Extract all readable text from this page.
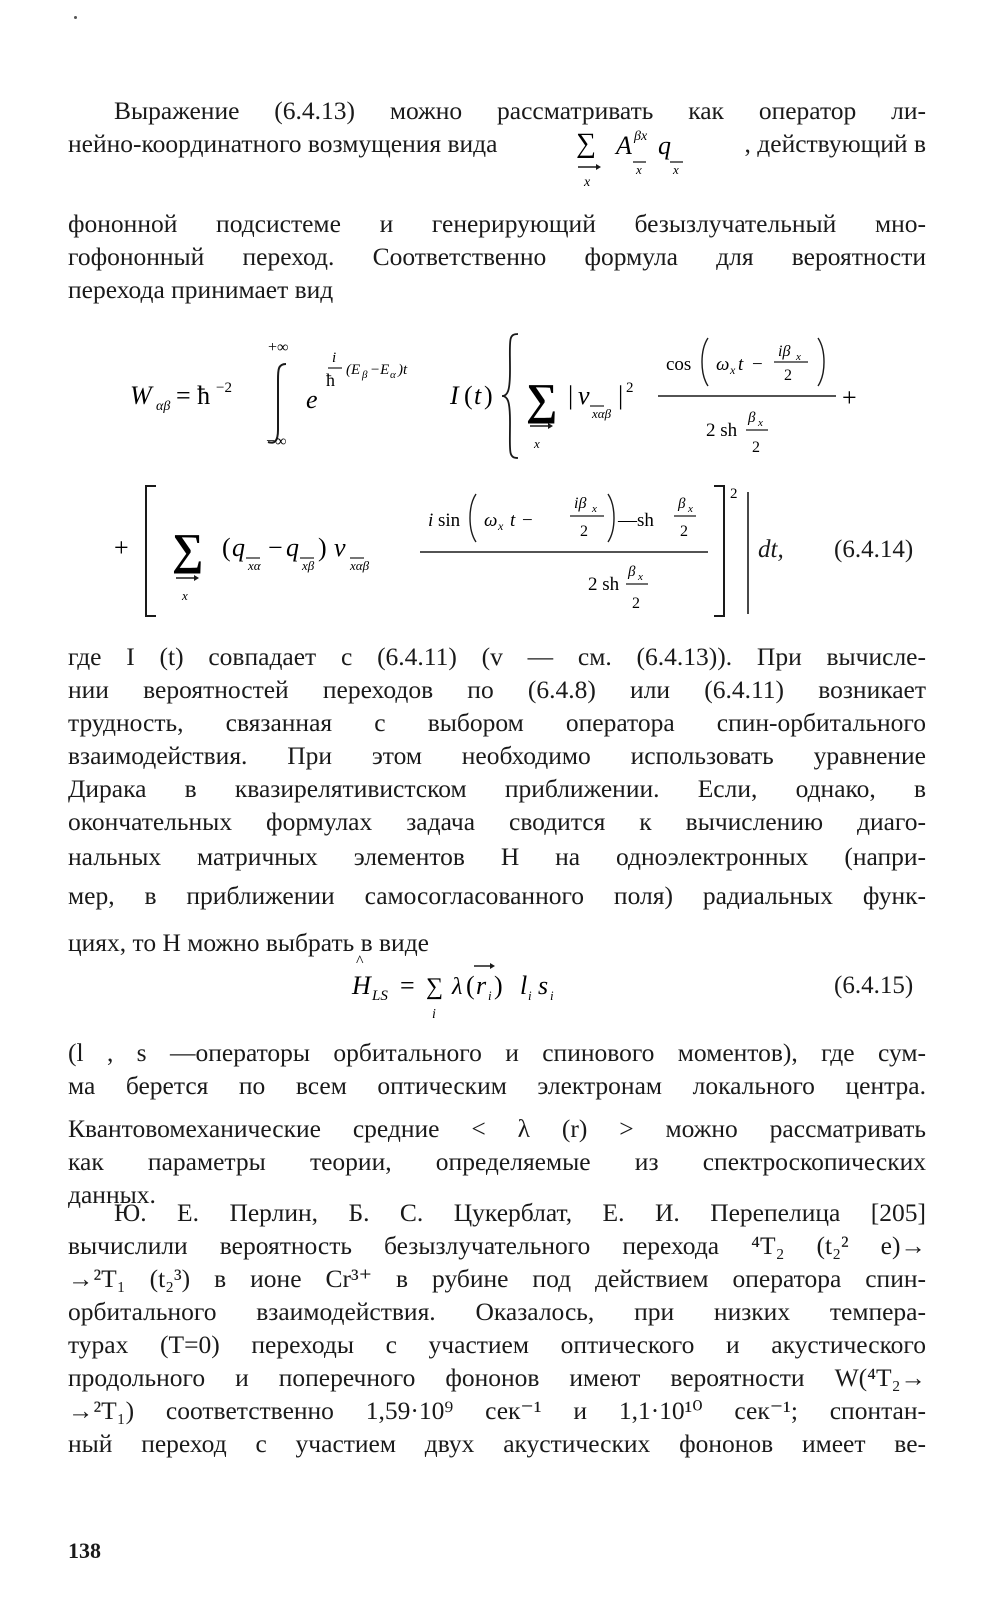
Выражение (6.4.13) можно рассматривать как оператор ли-
нейно-координатного возмущения вида	∑
x
A βx
x
q
x
, действующий в
фононной подсистеме и генерирующий безызлучательный мно-
гофононный переход. Соответственно формула для вероятности
перехода принимает вид
W αβ = ħ −2
+∞
−∞
e
i
ħ (E β −E α )t
I ( t ) ∑
x
| v
xαβ
| 2
cos ω x t −
iβ x
2
2 sh
β x
2
+
+ ∑
x
( q
xα
− q
xβ
) v
xαβ
i sin ω x t −
iβ x
2
—sh
β x
2
2 sh
β x
2
2
dt, (6.4.14)
где I (t) совпадает с (6.4.11) (v — см. (6.4.13)). При вычисле-
нии вероятностей переходов по (6.4.8) или (6.4.11) возникает
трудность, связанная с выбором оператора спин-орбитального
взаимодействия. При этом необходимо использовать уравнение
Дирака в квазирелятивистском приближении. Если, однако, в
окончательных формулах задача сводится к вычислению диаго-
нальных матричных элементов H на одноэлектронных (напри-
мер, в приближении самосогласованного поля) радиальных функ-
циях, то H можно выбрать в виде
^
H LS = ∑
i
λ ( r i ) l i s i	(6.4.15)
(l , s —операторы орбитального и спинового моментов), где сум-
ма берется по всем оптическим электронам локального центра.
Квантовомеханические средние < λ (r) > можно рассматривать
как параметры теории, определяемые из спектроскопических
данных.
Ю. Е. Перлин, Б. С. Цукерблат, Е. И. Перепелица [205]
вычислили вероятность безызлучательного перехода ⁴T₂ (t₂² e)→
→²T₁ (t₂³) в ионе Cr³⁺ в рубине под действием оператора спин-
орбитального взаимодействия. Оказалось, при низких темпера-
турах (T=0) переходы с участием оптического и акустического
продольного и поперечного фононов имеют вероятности W(⁴T₂→
→²T₁) соответственно 1,59·10⁹ сек⁻¹ и 1,1·10¹⁰ сек⁻¹; спонтан-
ный переход с участием двух акустических фононов имеет ве-
138
